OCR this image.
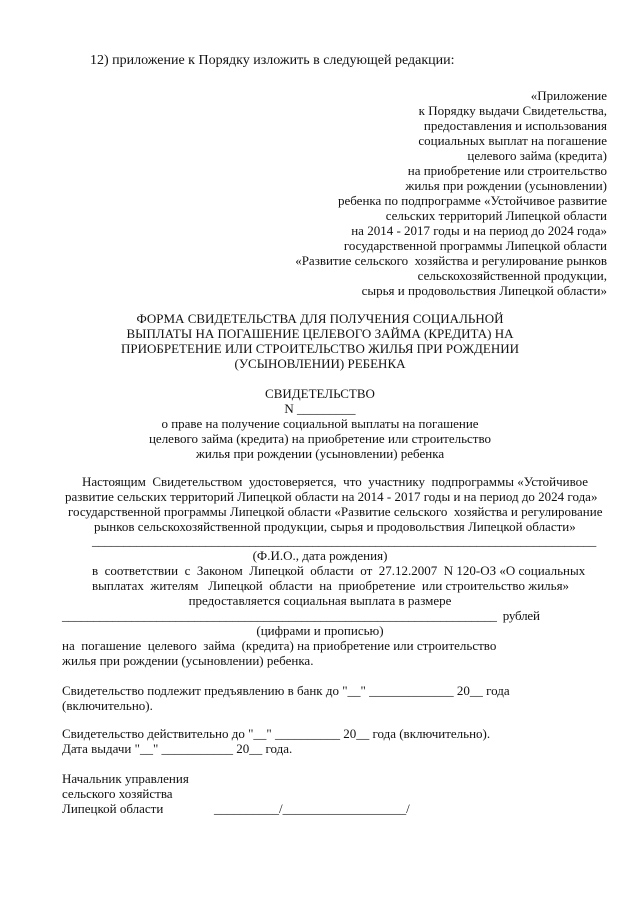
12) приложение к Порядку изложить в следующей редакции:
«Приложение
к Порядку выдачи Свидетельства,
предоставления и использования
социальных выплат на погашение
целевого займа (кредита)
на приобретение или строительство
жилья при рождении (усыновлении)
ребенка по подпрограмме «Устойчивое развитие
сельских территорий Липецкой области
на 2014 - 2017 годы и на период до 2024 года»
государственной программы Липецкой области
«Развитие сельского  хозяйства и регулирование рынков
сельскохозяйственной продукции,
сырья и продовольствия Липецкой области»
ФОРМА СВИДЕТЕЛЬСТВА ДЛЯ ПОЛУЧЕНИЯ СОЦИАЛЬНОЙ
ВЫПЛАТЫ НА ПОГАШЕНИЕ ЦЕЛЕВОГО ЗАЙМА (КРЕДИТА) НА
ПРИОБРЕТЕНИЕ ИЛИ СТРОИТЕЛЬСТВО ЖИЛЬЯ ПРИ РОЖДЕНИИ
(УСЫНОВЛЕНИИ) РЕБЕНКА
СВИДЕТЕЛЬСТВО
N _________
о праве на получение социальной выплаты на погашение
целевого займа (кредита) на приобретение или строительство
жилья при рождении (усыновлении) ребенка
Настоящим  Свидетельством  удостоверяется,  что  участнику  подпрограммы «Устойчивое
развитие сельских территорий Липецкой области на 2014 - 2017 годы и на период до 2024 года»
государственной программы Липецкой области «Развитие сельского  хозяйства и регулирование
рынков сельскохозяйственной продукции, сырья и продовольствия Липецкой области»
________________________________________________________________________________
(Ф.И.О., дата рождения)
в  соответствии  с  Законом  Липецкой  области  от  27.12.2007  N 120-ОЗ «О социальных
выплатах  жителям   Липецкой  области  на  приобретение  или строительство жилья»
предоставляется социальная выплата в размере
_____________________________________________________________________  рублей
(цифрами и прописью)
на  погашение  целевого  займа  (кредита) на приобретение или строительство
жилья при рождении (усыновлении) ребенка.
Свидетельство подлежит предъявлению в банк до "__" _____________ 20__ года
(включительно).
Свидетельство действительно до "__" __________ 20__ года (включительно).
Дата выдачи "__" ___________ 20__ года.
Начальник управления
сельского хозяйства
Липецкой области	__________/___________________/
